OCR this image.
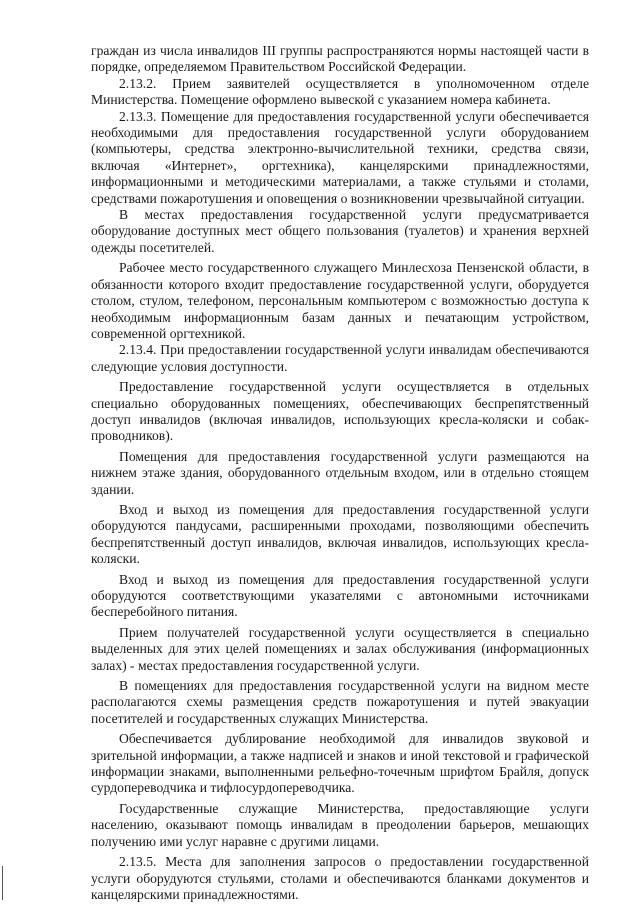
граждан из числа инвалидов III группы распространяются нормы настоящей части в порядке, определяемом Правительством Российской Федерации.

2.13.2. Прием заявителей осуществляется в уполномоченном отделе Министерства. Помещение оформлено вывеской с указанием номера кабинета.

2.13.3. Помещение для предоставления государственной услуги обеспечивается необходимыми для предоставления государственной услуги оборудованием (компьютеры, средства электронно-вычислительной техники, средства связи, включая «Интернет», оргтехника), канцелярскими принадлежностями, информационными и методическими материалами, а также стульями и столами, средствами пожаротушения и оповещения о возникновении чрезвычайной ситуации.

В местах предоставления государственной услуги предусматривается оборудование доступных мест общего пользования (туалетов) и хранения верхней одежды посетителей.

Рабочее место государственного служащего Минлесхоза Пензенской области, в обязанности которого входит предоставление государственной услуги, оборудуется столом, стулом, телефоном, персональным компьютером с возможностью доступа к необходимым информационным базам данных и печатающим устройством, современной оргтехникой.

2.13.4. При предоставлении государственной услуги инвалидам обеспечиваются следующие условия доступности.

Предоставление государственной услуги осуществляется в отдельных специально оборудованных помещениях, обеспечивающих беспрепятственный доступ инвалидов (включая инвалидов, использующих кресла-коляски и собак-проводников).

Помещения для предоставления государственной услуги размещаются на нижнем этаже здания, оборудованного отдельным входом, или в отдельно стоящем здании.

Вход и выход из помещения для предоставления государственной услуги оборудуются пандусами, расширенными проходами, позволяющими обеспечить беспрепятственный доступ инвалидов, включая инвалидов, использующих кресла-коляски.

Вход и выход из помещения для предоставления государственной услуги оборудуются соответствующими указателями с автономными источниками бесперебойного питания.

Прием получателей государственной услуги осуществляется в специально выделенных для этих целей помещениях и залах обслуживания (информационных залах) - местах предоставления государственной услуги.

В помещениях для предоставления государственной услуги на видном месте располагаются схемы размещения средств пожаротушения и путей эвакуации посетителей и государственных служащих Министерства.

Обеспечивается дублирование необходимой для инвалидов звуковой и зрительной информации, а также надписей и знаков и иной текстовой и графической информации знаками, выполненными рельефно-точечным шрифтом Брайля, допуск сурдопереводчика и тифлосурдопереводчика.

Государственные служащие Министерства, предоставляющие услуги населению, оказывают помощь инвалидам в преодолении барьеров, мешающих получению ими услуг наравне с другими лицами.

2.13.5. Места для заполнения запросов о предоставлении государственной услуги оборудуются стульями, столами и обеспечиваются бланками документов и канцелярскими принадлежностями.
